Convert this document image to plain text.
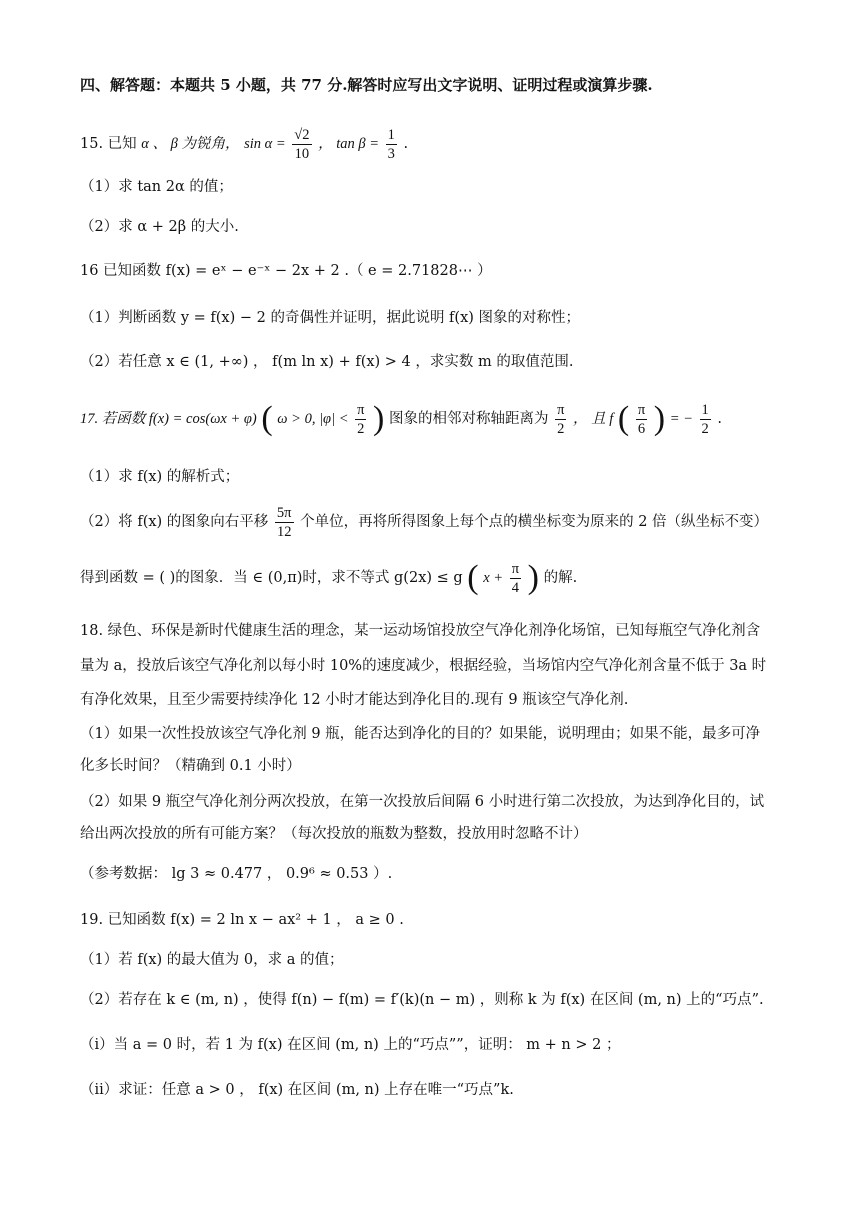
四、解答题：本题共 5 小题，共 77 分.解答时应写出文字说明、证明过程或演算步骤.
15. 已知 α 、 β 为锐角， $\sin \alpha = \frac{√2}{10}$ ， $\tan \beta = \frac{1}{3}$ .
（1）求 tan 2α 的值；
（2）求 α + 2β 的大小.
16 已知函数 f(x) = eˣ − e⁻ˣ − 2x + 2 .（ e = 2.71828⋯ ）
（1）判断函数 y = f(x) − 2 的奇偶性并证明，据此说明 f(x) 图象的对称性；
（2）若任意 x ∈ (1, +∞) ， f(m ln x) + f(x) > 4 ，求实数 m 的取值范围.
17. 若函数 f(x) = cos(ωx + φ) ( ω > 0, $|\varphi| < \frac{\pi}{2}$ ) 图象的相邻对称轴距离为 $\frac{\pi}{2}$ ， 且 f ( $\frac{\pi}{6}$ ) = − $\frac{1}{2}$ .
（1）求 f(x) 的解析式；
（2）将 f(x) 的图象向右平移 $\frac{5\pi}{12}$ 个单位，再将所得图象上每个点的横坐标变为原来的 2 倍（纵坐标不变）
得到函数 = ( )的图象．当 ∈ (0,π)时，求不等式 g(2x) ≤ g ( $x + \frac{\pi}{4}$ ) 的解.
18. 绿色、环保是新时代健康生活的理念，某一运动场馆投放空气净化剂净化场馆，已知每瓶空气净化剂含
量为 a，投放后该空气净化剂以每小时 10%的速度减少，根据经验，当场馆内空气净化剂含量不低于 3a 时
有净化效果，且至少需要持续净化 12 小时才能达到净化目的.现有 9 瓶该空气净化剂.
（1）如果一次性投放该空气净化剂 9 瓶，能否达到净化的目的？如果能，说明理由；如果不能，最多可净
化多长时间？（精确到 0.1 小时）
（2）如果 9 瓶空气净化剂分两次投放，在第一次投放后间隔 6 小时进行第二次投放，为达到净化目的，试
给出两次投放的所有可能方案？（每次投放的瓶数为整数，投放用时忽略不计）
（参考数据： lg 3 ≈ 0.477 ， 0.9⁶ ≈ 0.53 ）.
19. 已知函数 f(x) = 2 ln x − ax² + 1 ， a ≥ 0 .
（1）若 f(x) 的最大值为 0，求 a 的值；
（2）若存在 k ∈ (m, n) ，使得 f(n) − f(m) = f′(k)(n − m) ，则称 k 为 f(x) 在区间 (m, n) 上的“巧点”.
（i）当 a = 0 时，若 1 为 f(x) 在区间 (m, n) 上的“巧点””，证明： m + n > 2 ；
（ii）求证：任意 a > 0 ， f(x) 在区间 (m, n) 上存在唯一“巧点”k.
